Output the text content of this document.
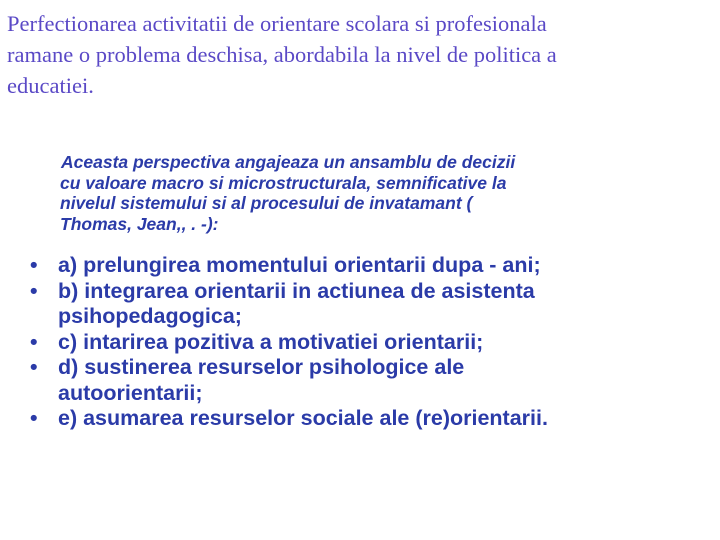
Perfectionarea activitatii de orientare scolara si profesionala
ramane o problema deschisa, abordabila la nivel de politica a
educatiei.
Aceasta perspectiva angajeaza un ansamblu de decizii
cu valoare macro si microstructurala, semnificative la
nivelul sistemului si al procesului de invatamant (
Thomas, Jean,, . -):
• a) prelungirea momentului orientarii dupa - ani;
• b) integrarea orientarii in actiunea de asistenta
psihopedagogica;
• c) intarirea pozitiva a motivatiei orientarii;
• d) sustinerea resurselor psihologice ale
autoorientarii;
• e) asumarea resurselor sociale ale (re)orientarii.
